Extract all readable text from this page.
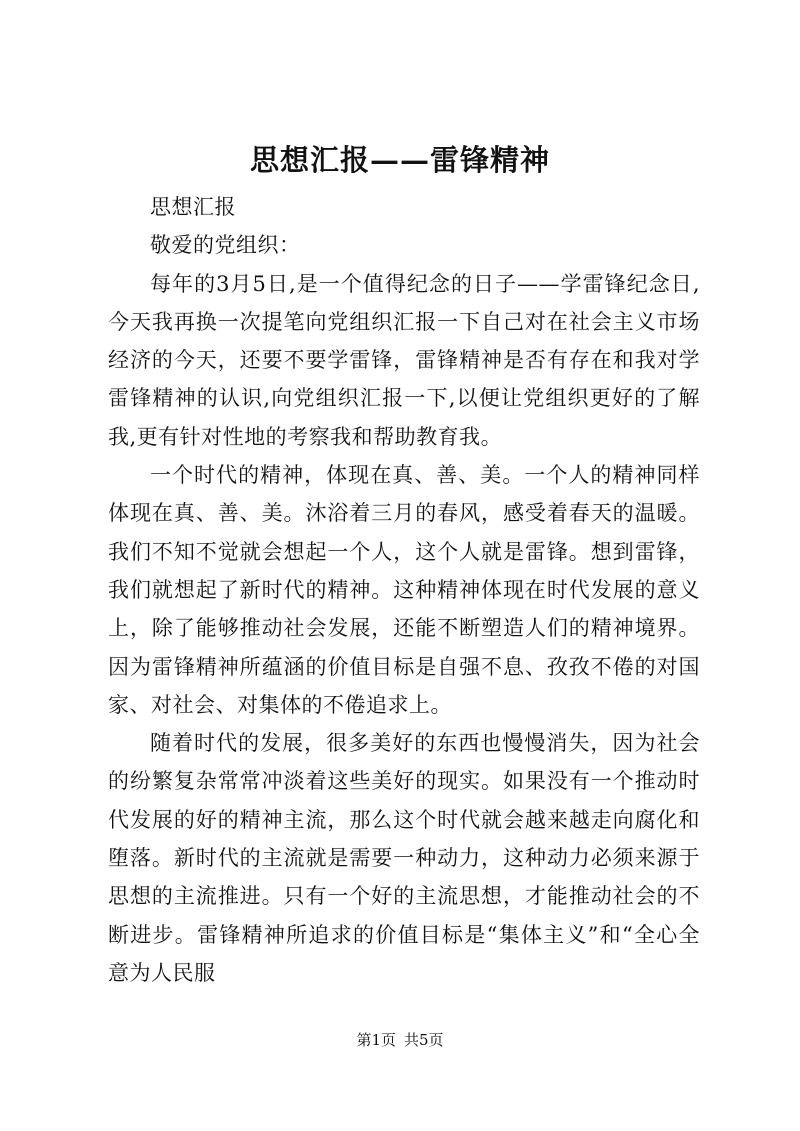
思想汇报——雷锋精神

思想汇报

敬爱的党组织：

每年的3月5日,是一个值得纪念的日子——学雷锋纪念日,今天我再换一次提笔向党组织汇报一下自己对在社会主义市场经济的今天，还要不要学雷锋，雷锋精神是否有存在和我对学雷锋精神的认识,向党组织汇报一下,以便让党组织更好的了解我,更有针对性地的考察我和帮助教育我。

一个时代的精神，体现在真、善、美。一个人的精神同样体现在真、善、美。沐浴着三月的春风，感受着春天的温暖。我们不知不觉就会想起一个人，这个人就是雷锋。想到雷锋，我们就想起了新时代的精神。这种精神体现在时代发展的意义上，除了能够推动社会发展，还能不断塑造人们的精神境界。因为雷锋精神所蕴涵的价值目标是自强不息、孜孜不倦的对国家、对社会、对集体的不倦追求上。

随着时代的发展，很多美好的东西也慢慢消失，因为社会的纷繁复杂常常冲淡着这些美好的现实。如果没有一个推动时代发展的好的精神主流，那么这个时代就会越来越走向腐化和堕落。新时代的主流就是需要一种动力，这种动力必须来源于思想的主流推进。只有一个好的主流思想，才能推动社会的不断进步。雷锋精神所追求的价值目标是“集体主义”和“全心全意为人民服

第1页 共5页
